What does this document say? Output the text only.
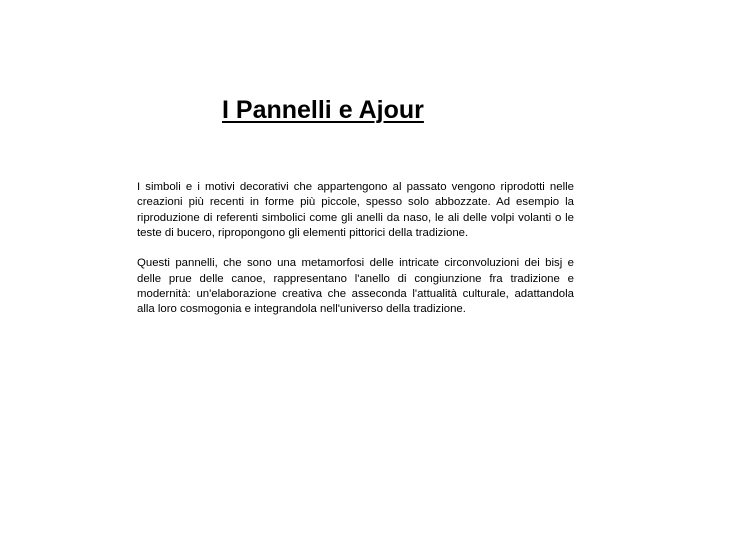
I Pannelli e Ajour

I simboli e i motivi decorativi che appartengono al passato vengono riprodotti nelle creazioni più recenti in forme più piccole, spesso solo abbozzate. Ad esempio la riproduzione di referenti simbolici come gli anelli da naso, le ali delle volpi volanti o le teste di bucero, ripropongono gli elementi pittorici della tradizione.

Questi pannelli, che sono una metamorfosi delle intricate circonvoluzioni dei bisj e delle prue delle canoe, rappresentano l'anello di congiunzione fra tradizione e modernità: un'elaborazione creativa che asseconda l'attualità culturale, adattandola alla loro cosmogonia e integrandola nell'universo della tradizione.
